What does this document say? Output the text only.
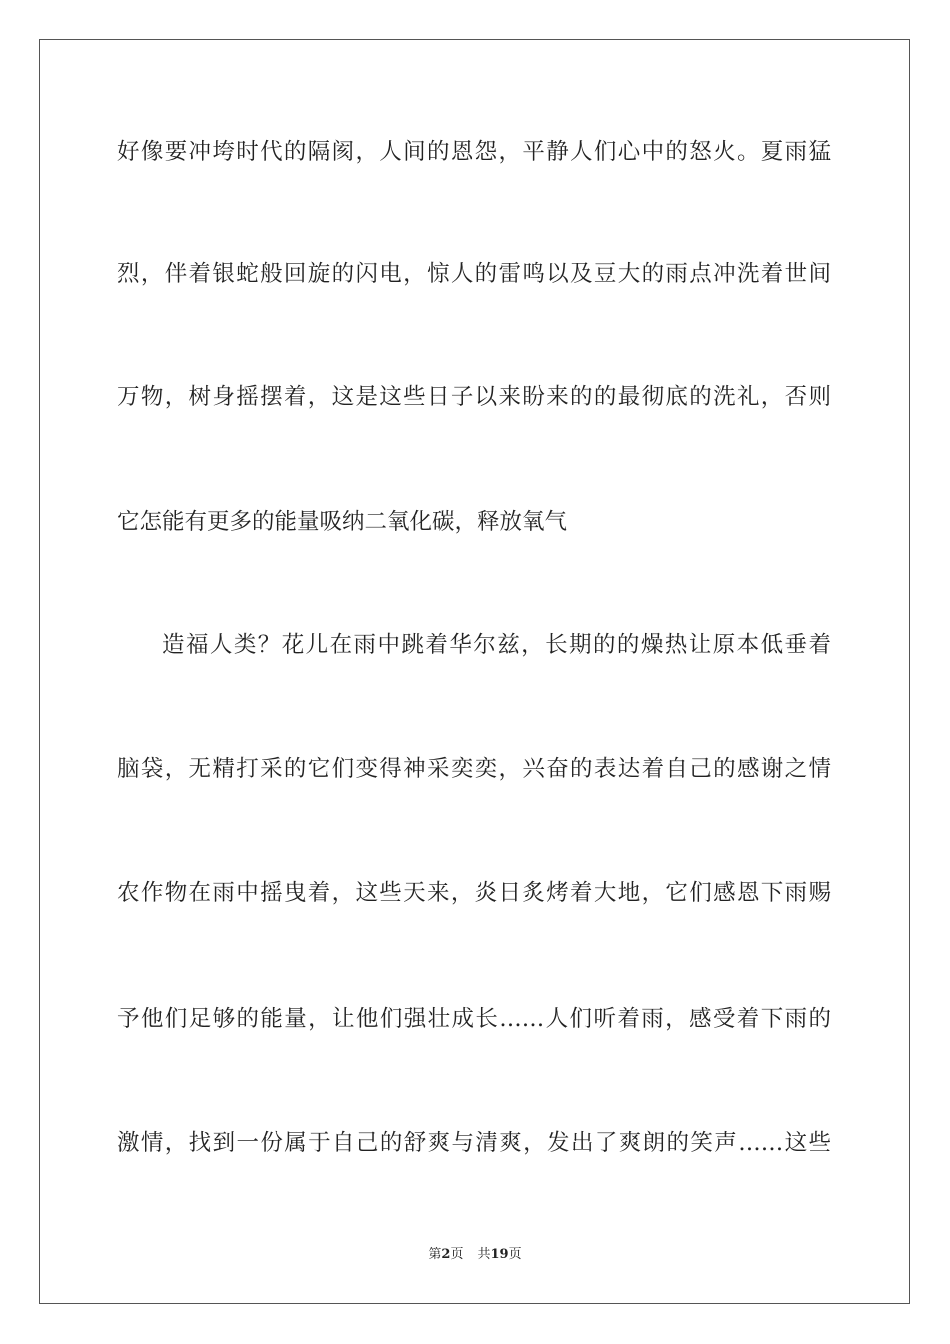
好像要冲垮时代的隔阂，人间的恩怨，平静人们心中的怒火。夏雨猛
烈，伴着银蛇般回旋的闪电，惊人的雷鸣以及豆大的雨点冲洗着世间
万物，树身摇摆着，这是这些日子以来盼来的的最彻底的洗礼，否则
它怎能有更多的能量吸纳二氧化碳，释放氧气
造福人类？花儿在雨中跳着华尔兹，长期的的燥热让原本低垂着
脑袋，无精打采的它们变得神采奕奕，兴奋的表达着自己的感谢之情
农作物在雨中摇曳着，这些天来，炎日炙烤着大地，它们感恩下雨赐
予他们足够的能量，让他们强壮成长……人们听着雨，感受着下雨的
激情，找到一份属于自己的舒爽与清爽，发出了爽朗的笑声……这些
第2页 共19页
